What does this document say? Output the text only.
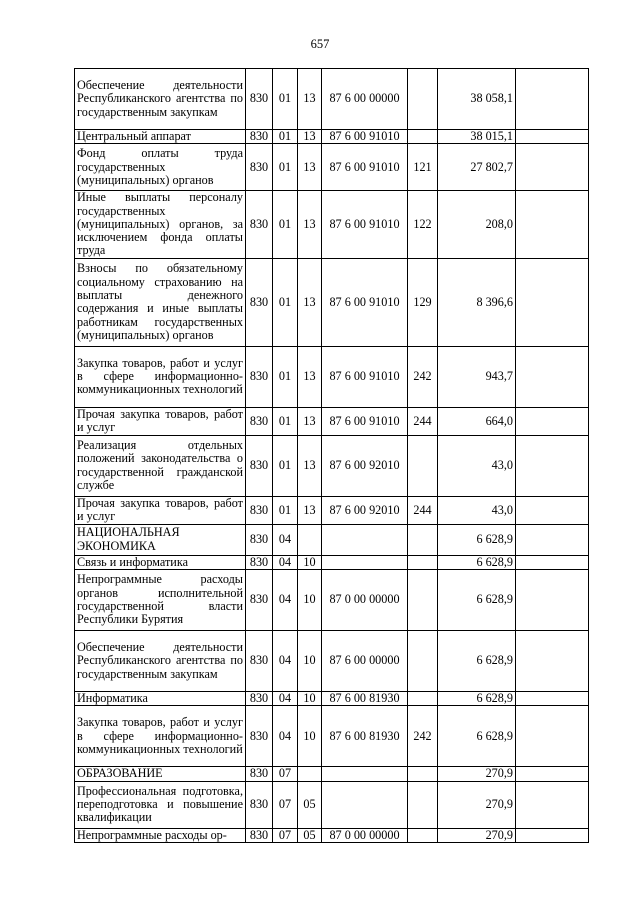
657
Обеспечение деятельности Республиканского агентства по государственным закупкам	830	01	13	87 6 00 00000		38 058,1	
Центральный аппарат	830	01	13	87 6 00 91010		38 015,1	
Фонд оплаты труда государственных (муниципальных) органов	830	01	13	87 6 00 91010	121	27 802,7	
Иные выплаты персоналу государственных (муниципальных) органов, за исключением фонда оплаты труда	830	01	13	87 6 00 91010	122	208,0	
Взносы по обязательному социальному страхованию на выплаты денежного содержания и иные выплаты работникам государственных (муниципальных) органов	830	01	13	87 6 00 91010	129	8 396,6	
Закупка товаров, работ и услуг в сфере информационно-коммуникационных технологий	830	01	13	87 6 00 91010	242	943,7	
Прочая закупка товаров, работ и услуг	830	01	13	87 6 00 91010	244	664,0	
Реализация отдельных положений законодательства о государственной гражданской службе	830	01	13	87 6 00 92010		43,0	
Прочая закупка товаров, работ и услуг	830	01	13	87 6 00 92010	244	43,0	
НАЦИОНАЛЬНАЯ ЭКОНОМИКА	830	04				6 628,9	
Связь и информатика	830	04	10			6 628,9	
Непрограммные расходы органов исполнительной государственной власти Республики Бурятия	830	04	10	87 0 00 00000		6 628,9	
Обеспечение деятельности Республиканского агентства по государственным закупкам	830	04	10	87 6 00 00000		6 628,9	
Информатика	830	04	10	87 6 00 81930		6 628,9	
Закупка товаров, работ и услуг в сфере информационно-коммуникационных технологий	830	04	10	87 6 00 81930	242	6 628,9	
ОБРАЗОВАНИЕ	830	07				270,9	
Профессиональная подготовка, переподготовка и повышение квалификации	830	07	05			270,9	
Непрограммные расходы ор-	830	07	05	87 0 00 00000		270,9	
